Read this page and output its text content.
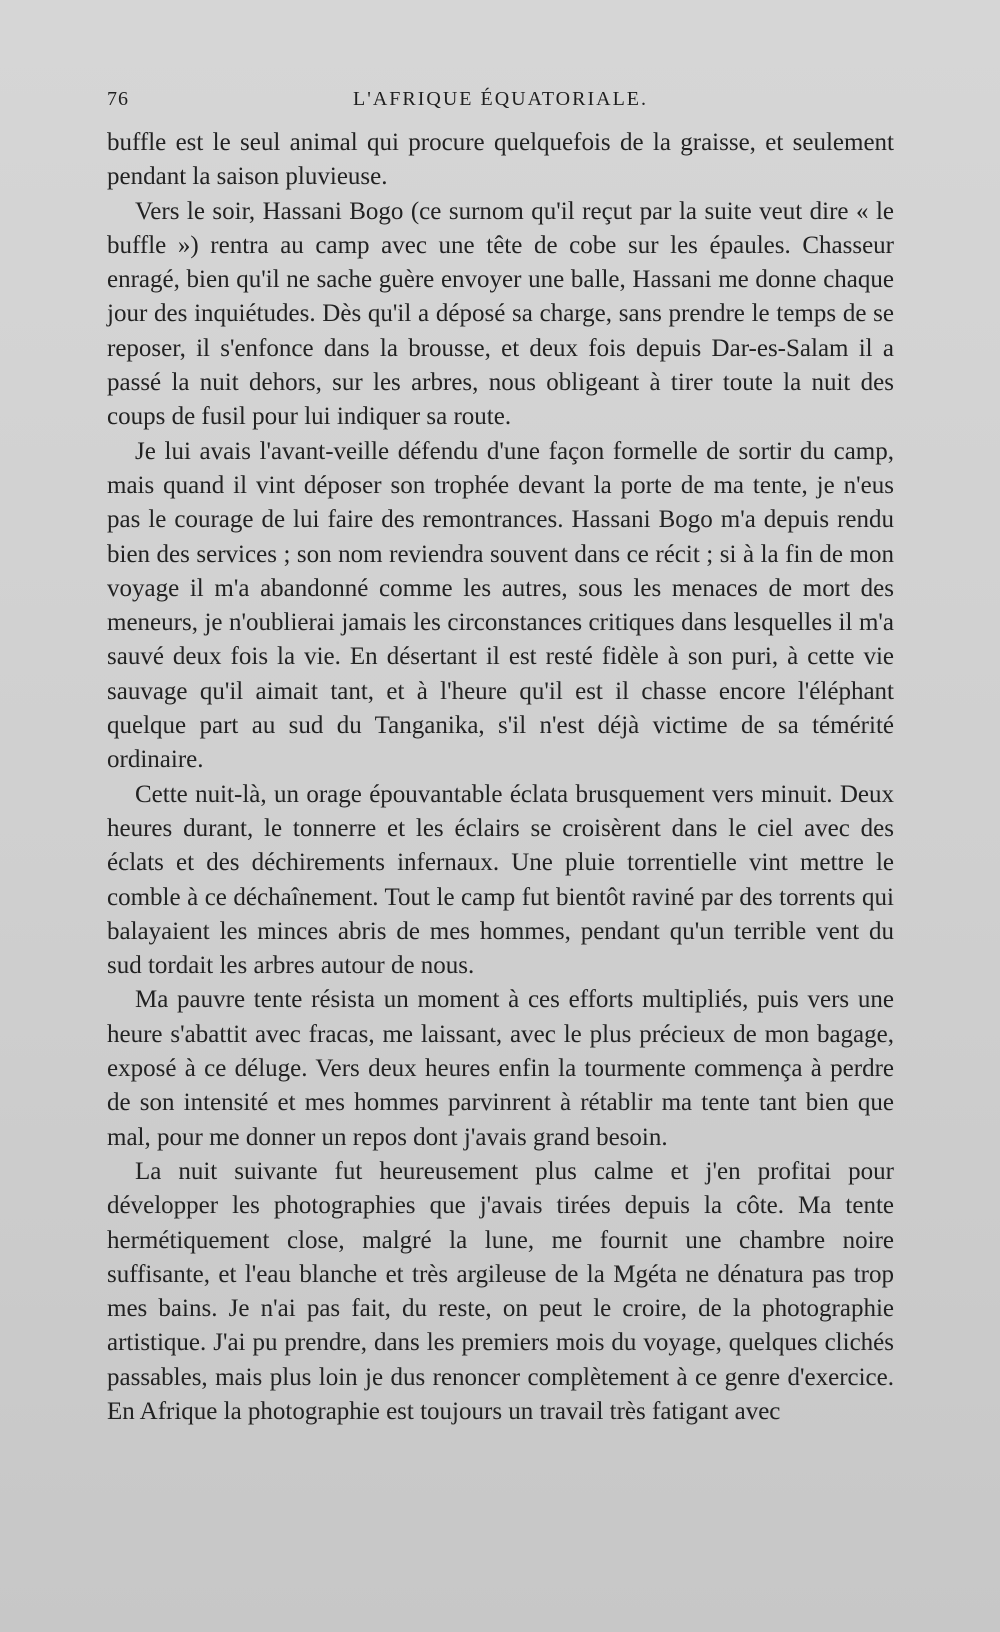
76	L'AFRIQUE ÉQUATORIALE.

buffle est le seul animal qui procure quelquefois de la graisse, et seulement pendant la saison pluvieuse.

Vers le soir, Hassani Bogo (ce surnom qu'il reçut par la suite veut dire « le buffle ») rentra au camp avec une tête de cobe sur les épaules. Chasseur enragé, bien qu'il ne sache guère envoyer une balle, Hassani me donne chaque jour des inquiétudes. Dès qu'il a déposé sa charge, sans prendre le temps de se reposer, il s'enfonce dans la brousse, et deux fois depuis Dar-es-Salam il a passé la nuit dehors, sur les arbres, nous obligeant à tirer toute la nuit des coups de fusil pour lui indiquer sa route.

Je lui avais l'avant-veille défendu d'une façon formelle de sortir du camp, mais quand il vint déposer son trophée devant la porte de ma tente, je n'eus pas le courage de lui faire des remontrances. Hassani Bogo m'a depuis rendu bien des services ; son nom reviendra souvent dans ce récit ; si à la fin de mon voyage il m'a abandonné comme les autres, sous les menaces de mort des meneurs, je n'oublierai jamais les circonstances critiques dans lesquelles il m'a sauvé deux fois la vie. En désertant il est resté fidèle à son puri, à cette vie sauvage qu'il aimait tant, et à l'heure qu'il est il chasse encore l'éléphant quelque part au sud du Tanganika, s'il n'est déjà victime de sa témérité ordinaire.

Cette nuit-là, un orage épouvantable éclata brusquement vers minuit. Deux heures durant, le tonnerre et les éclairs se croisèrent dans le ciel avec des éclats et des déchirements infernaux. Une pluie torrentielle vint mettre le comble à ce déchaînement. Tout le camp fut bientôt raviné par des torrents qui balayaient les minces abris de mes hommes, pendant qu'un terrible vent du sud tordait les arbres autour de nous.

Ma pauvre tente résista un moment à ces efforts multipliés, puis vers une heure s'abattit avec fracas, me laissant, avec le plus précieux de mon bagage, exposé à ce déluge. Vers deux heures enfin la tourmente commença à perdre de son intensité et mes hommes parvinrent à rétablir ma tente tant bien que mal, pour me donner un repos dont j'avais grand besoin.

La nuit suivante fut heureusement plus calme et j'en profitai pour développer les photographies que j'avais tirées depuis la côte. Ma tente hermétiquement close, malgré la lune, me fournit une chambre noire suffisante, et l'eau blanche et très argileuse de la Mgéta ne dénatura pas trop mes bains. Je n'ai pas fait, du reste, on peut le croire, de la photographie artistique. J'ai pu prendre, dans les premiers mois du voyage, quelques clichés passables, mais plus loin je dus renoncer complètement à ce genre d'exercice. En Afrique la photographie est toujours un travail très fatigant avec
